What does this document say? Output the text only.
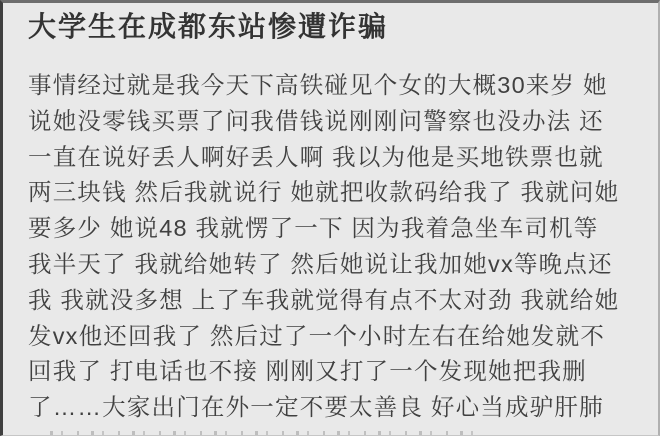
大学生在成都东站惨遭诈骗
事情经过就是我今天下高铁碰见个女的大概30来岁 她
说她没零钱买票了问我借钱说刚刚问警察也没办法 还
一直在说好丢人啊好丢人啊 我以为他是买地铁票也就
两三块钱 然后我就说行 她就把收款码给我了 我就问她
要多少 她说48 我就愣了一下 因为我着急坐车司机等
我半天了 我就给她转了 然后她说让我加她vx等晚点还
我 我就没多想 上了车我就觉得有点不太对劲 我就给她
发vx他还回我了 然后过了一个小时左右在给她发就不
回我了 打电话也不接 刚刚又打了一个发现她把我删
了……大家出门在外一定不要太善良 好心当成驴肝肺
